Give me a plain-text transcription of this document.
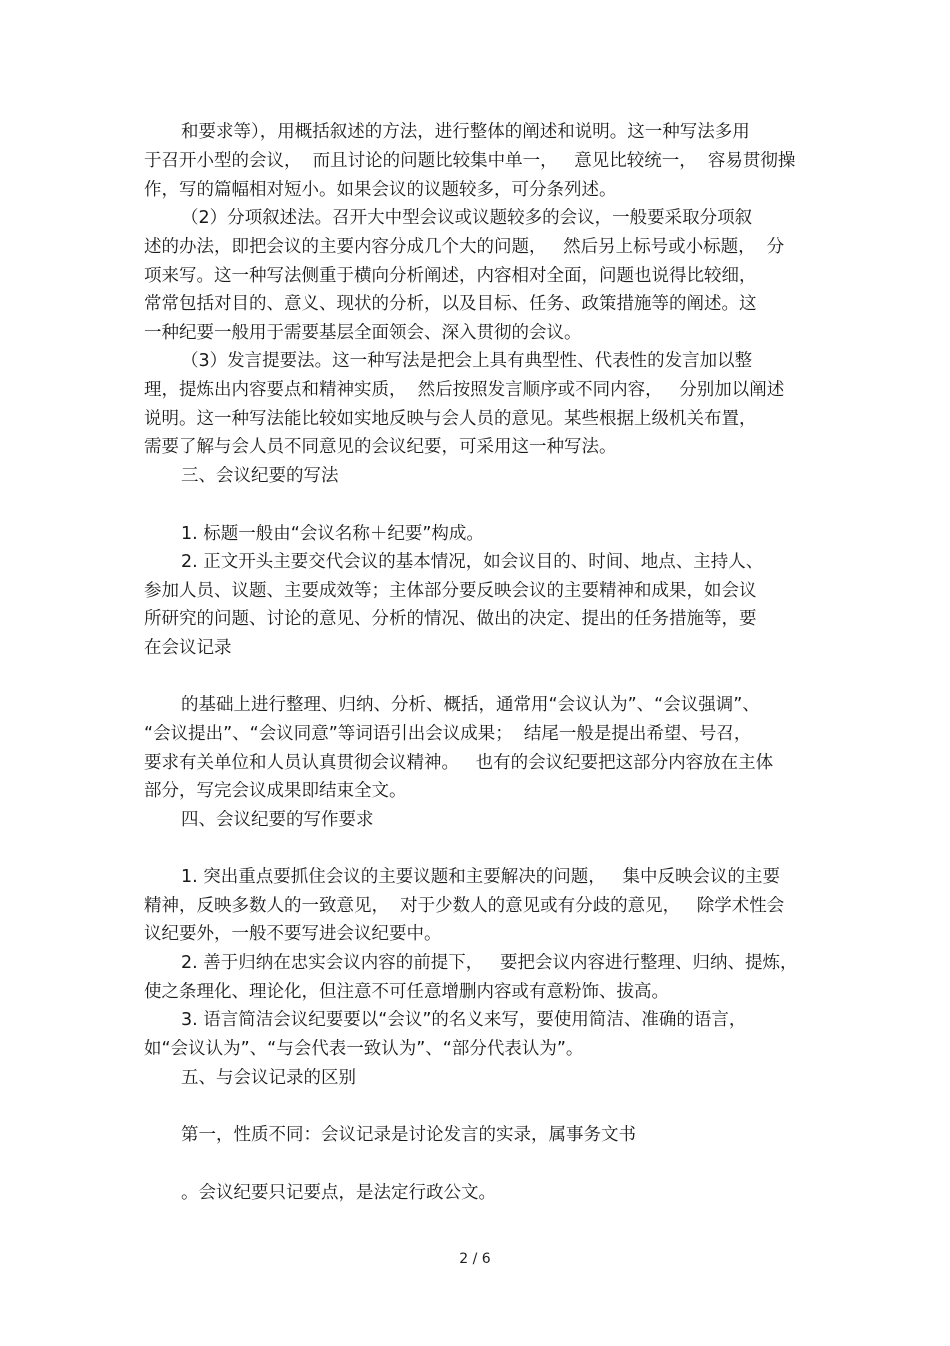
和要求等），用概括叙述的方法，进行整体的阐述和说明。这一种写法多用
于召开小型的会议，  而且讨论的问题比较集中单一，   意见比较统一，  容易贯彻操
作，写的篇幅相对短小。如果会议的议题较多，可分条列述。
（2）分项叙述法。召开大中型会议或议题较多的会议，一般要采取分项叙
述的办法，即把会议的主要内容分成几个大的问题，   然后另上标号或小标题，  分
项来写。这一种写法侧重于横向分析阐述，内容相对全面，问题也说得比较细，
常常包括对目的、意义、现状的分析，以及目标、任务、政策措施等的阐述。这
一种纪要一般用于需要基层全面领会、深入贯彻的会议。
（3）发言提要法。这一种写法是把会上具有典型性、代表性的发言加以整
理，提炼出内容要点和精神实质，  然后按照发言顺序或不同内容，   分别加以阐述
说明。这一种写法能比较如实地反映与会人员的意见。某些根据上级机关布置，
需要了解与会人员不同意见的会议纪要，可采用这一种写法。
三、会议纪要的写法
1. 标题一般由“会议名称＋纪要”构成。
2. 正文开头主要交代会议的基本情况，如会议目的、时间、地点、主持人、
参加人员、议题、主要成效等；主体部分要反映会议的主要精神和成果，如会议
所研究的问题、讨论的意见、分析的情况、做出的决定、提出的任务措施等，要
在会议记录
的基础上进行整理、归纳、分析、概括，通常用“会议认为”、“会议强调”、
“会议提出”、“会议同意”等词语引出会议成果；  结尾一般是提出希望、号召，
要求有关单位和人员认真贯彻会议精神。   也有的会议纪要把这部分内容放在主体
部分，写完会议成果即结束全文。
四、会议纪要的写作要求
1. 突出重点要抓住会议的主要议题和主要解决的问题，   集中反映会议的主要
精神，反映多数人的一致意见，  对于少数人的意见或有分歧的意见，   除学术性会
议纪要外，一般不要写进会议纪要中。
2. 善于归纳在忠实会议内容的前提下，   要把会议内容进行整理、归纳、提炼，
使之条理化、理论化，但注意不可任意增删内容或有意粉饰、拔高。
3. 语言简洁会议纪要要以“会议”的名义来写，要使用简洁、准确的语言，
如“会议认为”、“与会代表一致认为”、“部分代表认为”。
五、与会议记录的区别
第一，性质不同：会议记录是讨论发言的实录，属事务文书
。会议纪要只记要点，是法定行政公文。
2 / 6
